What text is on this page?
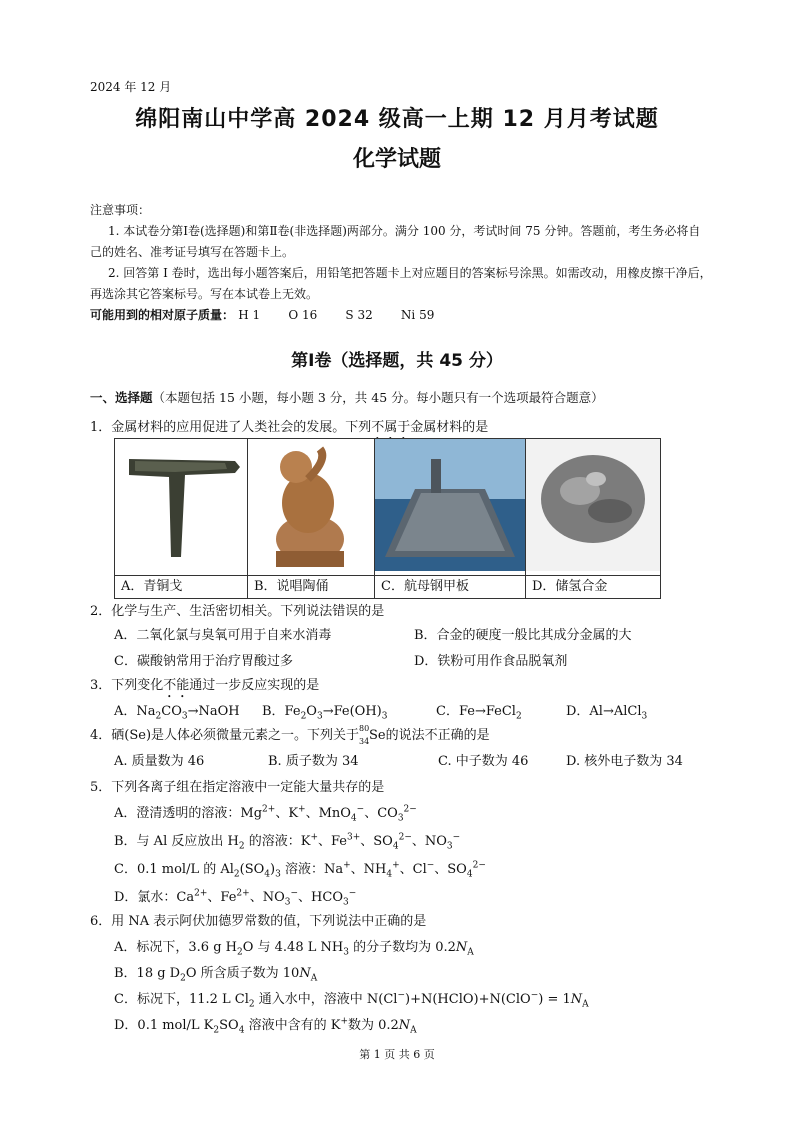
2024 年 12 月
绵阳南山中学高 2024 级高一上期 12 月月考试题
化学试题

注意事项：

1. 本试卷分第Ⅰ卷(选择题)和第Ⅱ卷(非选择题)两部分。满分 100 分，考试时间 75 分钟。答题前，考生务必将自己的姓名、准考证号填写在答题卡上。

2. 回答第 Ⅰ 卷时，选出每小题答案后，用铅笔把答题卡上对应题目的答案标号涂黑。如需改动，用橡皮擦干净后，再选涂其它答案标号。写在本试卷上无效。

可能用到的相对原子质量： H 1 O 16 S 32 Ni 59

第Ⅰ卷（选择题，共 45 分）
一、选择题（本题包括 15 小题，每小题 3 分，共 45 分。每小题只有一个选项最符合题意）
1．金属材料的应用促进了人类社会的发展。下列不属于金属材料的是

A．青铜戈	B．说唱陶俑	C．航母钢甲板	D．储氢合金
2．化学与生产、生活密切相关。下列说法错误的是
A．二氧化氯与臭氧可用于自来水消毒	B．合金的硬度一般比其成分金属的大
C．碳酸钠常用于治疗胃酸过多	D．铁粉可用作食品脱氧剂
3．下列变化不能通过一步反应实现的是
A．$Na_2CO_3\to NaOH$ B．$Fe_2O_3\to Fe(OH)_3$	C．Fe→FeCl$_2$	D．Al→AlCl$_3$
4．硒(Se)是人体必须微量元素之一。下列关于 80
34 Se的说法不正确的是
A. 质量数为 46	B. 质子数为 34	C. 中子数为 46	D. 核外电子数为 34
5．下列各离子组在指定溶液中一定能大量共存的是
A．澄清透明的溶液：$Mg^{2+}$、K+、MnO$_4$−、$CO_3^{2-}$
B．与 Al 反应放出 $H_2$ 的溶液：K+、$Fe^{3+}$、$SO_4^{2-}$、$NO_3^-$
C．0.1 mol/L 的 $Al_2(SO_4)_3$ 溶液：Na+、$NH_4^+$、Cl−、$SO_4^{2-}$
D．氯水：$Ca^{2+}$、$Fe^{2+}$、$NO_3^-$、$HCO_3^-$
6．用 NA 表示阿伏加德罗常数的值，下列说法中正确的是
A．标况下，3.6 g $H_2O$ 与 4.48 L $NH_3$ 的分子数均为 $0.2N_A$
B．18 g $D_2O$ 所含质子数为 $10N_A$
C．标况下，11.2 L $Cl_2$ 通入水中，溶液中 N(Cl−)+N(HClO)+N(ClO−) = $1N_A$
D．0.1 mol/L $K_2SO_4$ 溶液中含有的 K+数为 $0.2N_A$
第 1 页 共 6 页
